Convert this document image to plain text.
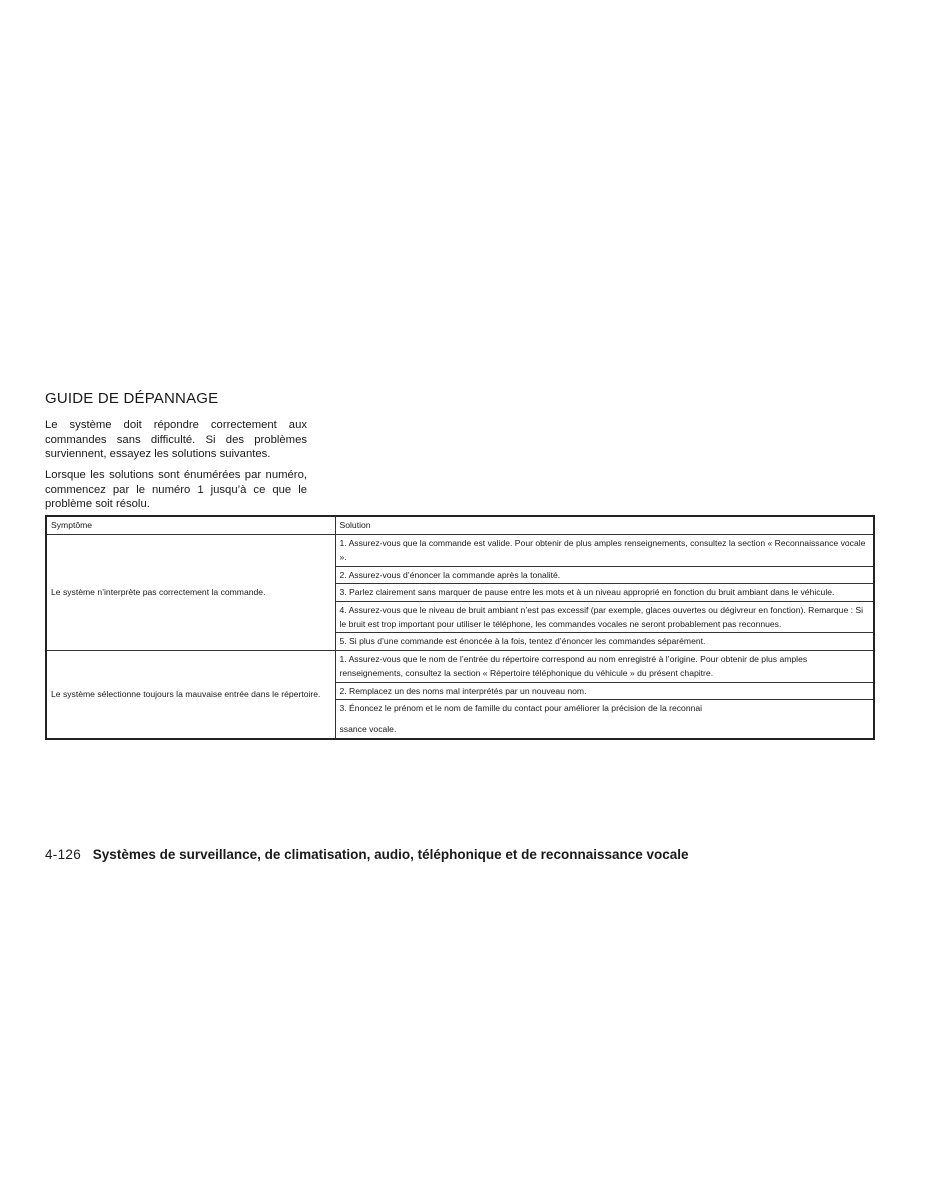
GUIDE DE DÉPANNAGE

Le système doit répondre correctement aux commandes sans difficulté. Si des problèmes surviennent, essayez les solutions suivantes.

Lorsque les solutions sont énumérées par numéro, commencez par le numéro 1 jusqu’à ce que le problème soit résolu.

Symptôme	Solution
Le système n’interprète pas correctement la commande.	1. Assurez-vous que la commande est valide. Pour obtenir de plus amples renseignements, consultez la section « Reconnaissance vocale ».
	2. Assurez-vous d’énoncer la commande après la tonalité.
	3. Parlez clairement sans marquer de pause entre les mots et à un niveau approprié en fonction du bruit ambiant dans le véhicule.
	4. Assurez-vous que le niveau de bruit ambiant n’est pas excessif (par exemple, glaces ouvertes ou dégivreur en fonction). Remarque : Si le bruit est trop important pour utiliser le téléphone, les commandes vocales ne seront probablement pas reconnues.
	5. Si plus d’une commande est énoncée à la fois, tentez d’énoncer les commandes séparément.
Le système sélectionne toujours la mauvaise entrée dans le répertoire.	1. Assurez-vous que le nom de l’entrée du répertoire correspond au nom enregistré à l’origine. Pour obtenir de plus amples renseignements, consultez la section « Répertoire téléphonique du véhicule » du présent chapitre.
	2. Remplacez un des noms mal interprétés par un nouveau nom.

	3. Énoncez le prénom et le nom de famille du contact pour améliorer la précision de la reconnai
ssance vocale.
4-126 Systèmes de surveillance, de climatisation, audio, téléphonique et de reconnaissance vocale
